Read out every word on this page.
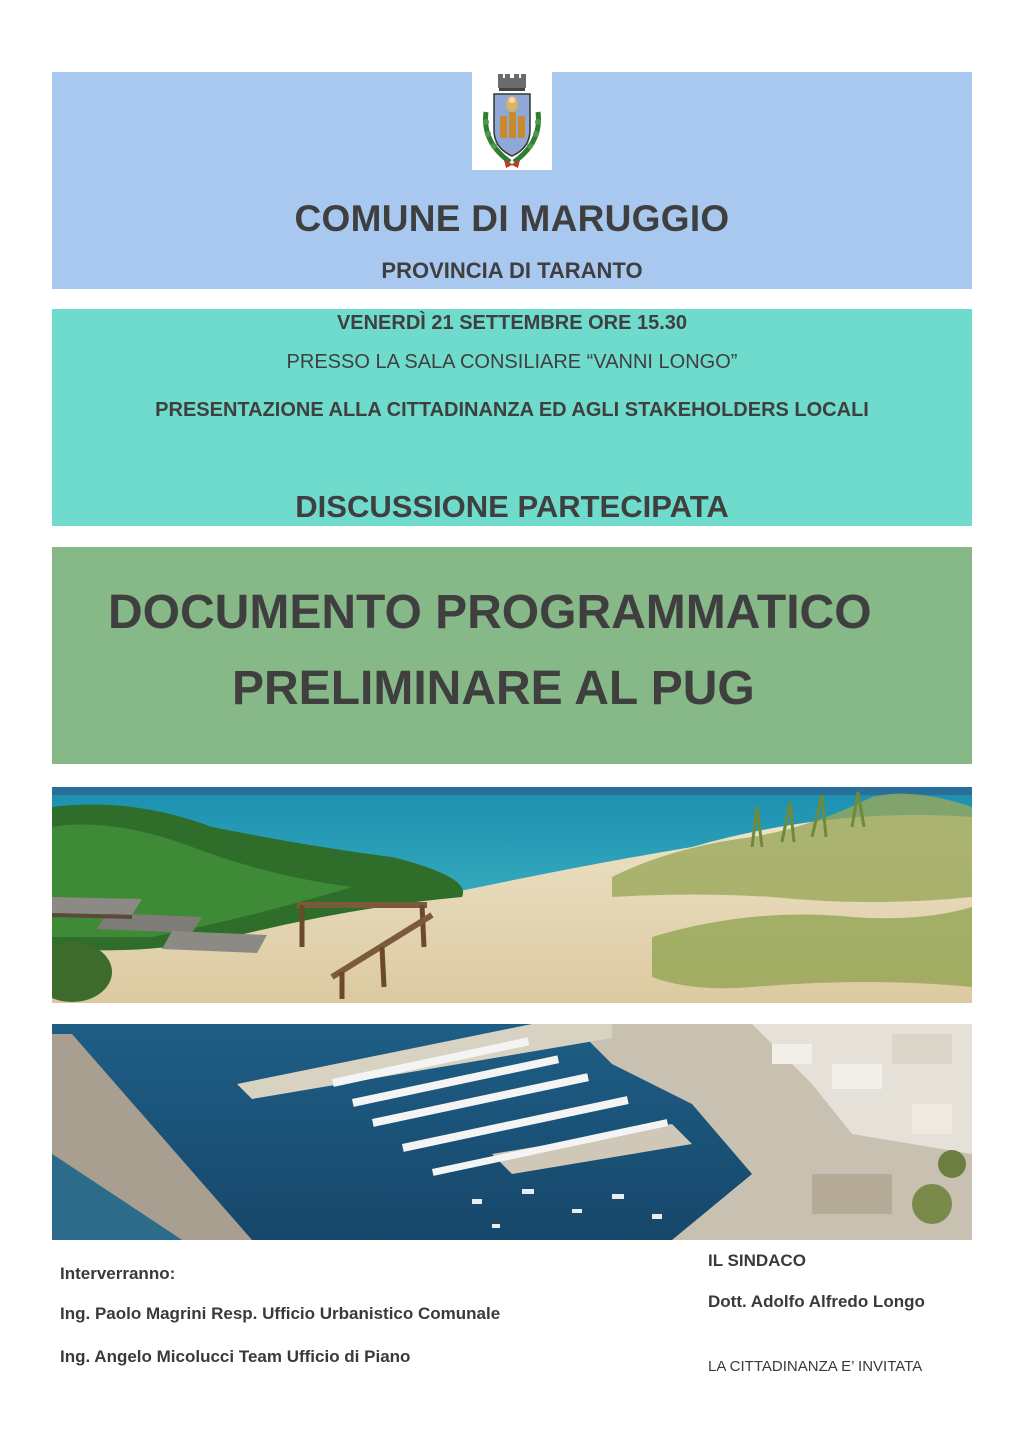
COMUNE DI MARUGGIO
PROVINCIA DI TARANTO
VENERDÌ 21 SETTEMBRE ORE 15.30
PRESSO LA SALA CONSILIARE “VANNI LONGO”
PRESENTAZIONE ALLA CITTADINANZA ED AGLI STAKEHOLDERS LOCALI
DISCUSSIONE PARTECIPATA
DOCUMENTO PROGRAMMATICO
PRELIMINARE AL PUG
Interverranno:
Ing. Paolo Magrini Resp. Ufficio Urbanistico Comunale
Ing. Angelo Micolucci Team Ufficio di Piano
IL SINDACO
Dott. Adolfo Alfredo Longo
LA CITTADINANZA E’ INVITATA
